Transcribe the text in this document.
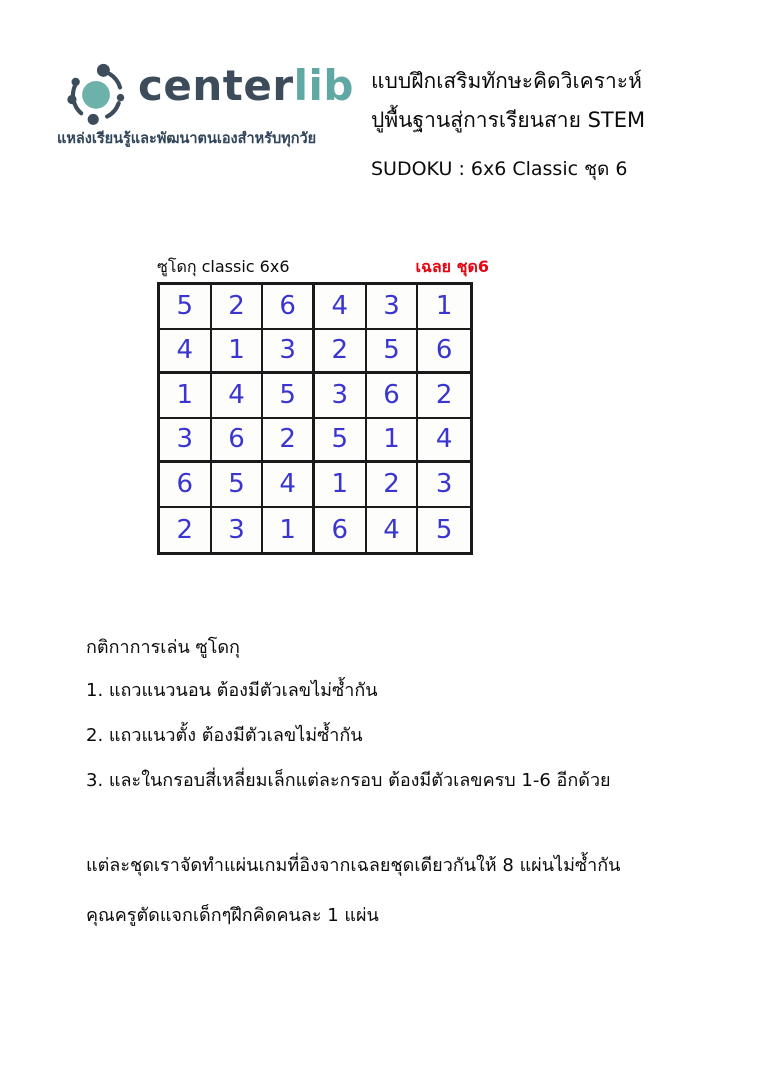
centerlib
แหล่งเรียนรู้และพัฒนาตนเองสำหรับทุกวัย
แบบฝึกเสริมทักษะคิดวิเคราะห์
ปูพื้นฐานสู่การเรียนสาย STEM
SUDOKU : 6x6 Classic ชุด 6
ซูโดกุ classic 6x6	เฉลย ชุด6
5	2	6	4	3	1
4	1	3	2	5	6
1	4	5	3	6	2
3	6	2	5	1	4
6	5	4	1	2	3
2	3	1	6	4	5
กติกาการเล่น ซูโดกุ
1. แถวแนวนอน ต้องมีตัวเลขไม่ซ้ำกัน
2. แถวแนวตั้ง ต้องมีตัวเลขไม่ซ้ำกัน
3. และในกรอบสี่เหลี่ยมเล็กแต่ละกรอบ ต้องมีตัวเลขครบ 1-6 อีกด้วย
แต่ละชุดเราจัดทำแผ่นเกมที่อิงจากเฉลยชุดเดียวกันให้ 8 แผ่นไม่ซ้ำกัน
คุณครูตัดแจกเด็กๆฝึกคิดคนละ 1 แผ่น
